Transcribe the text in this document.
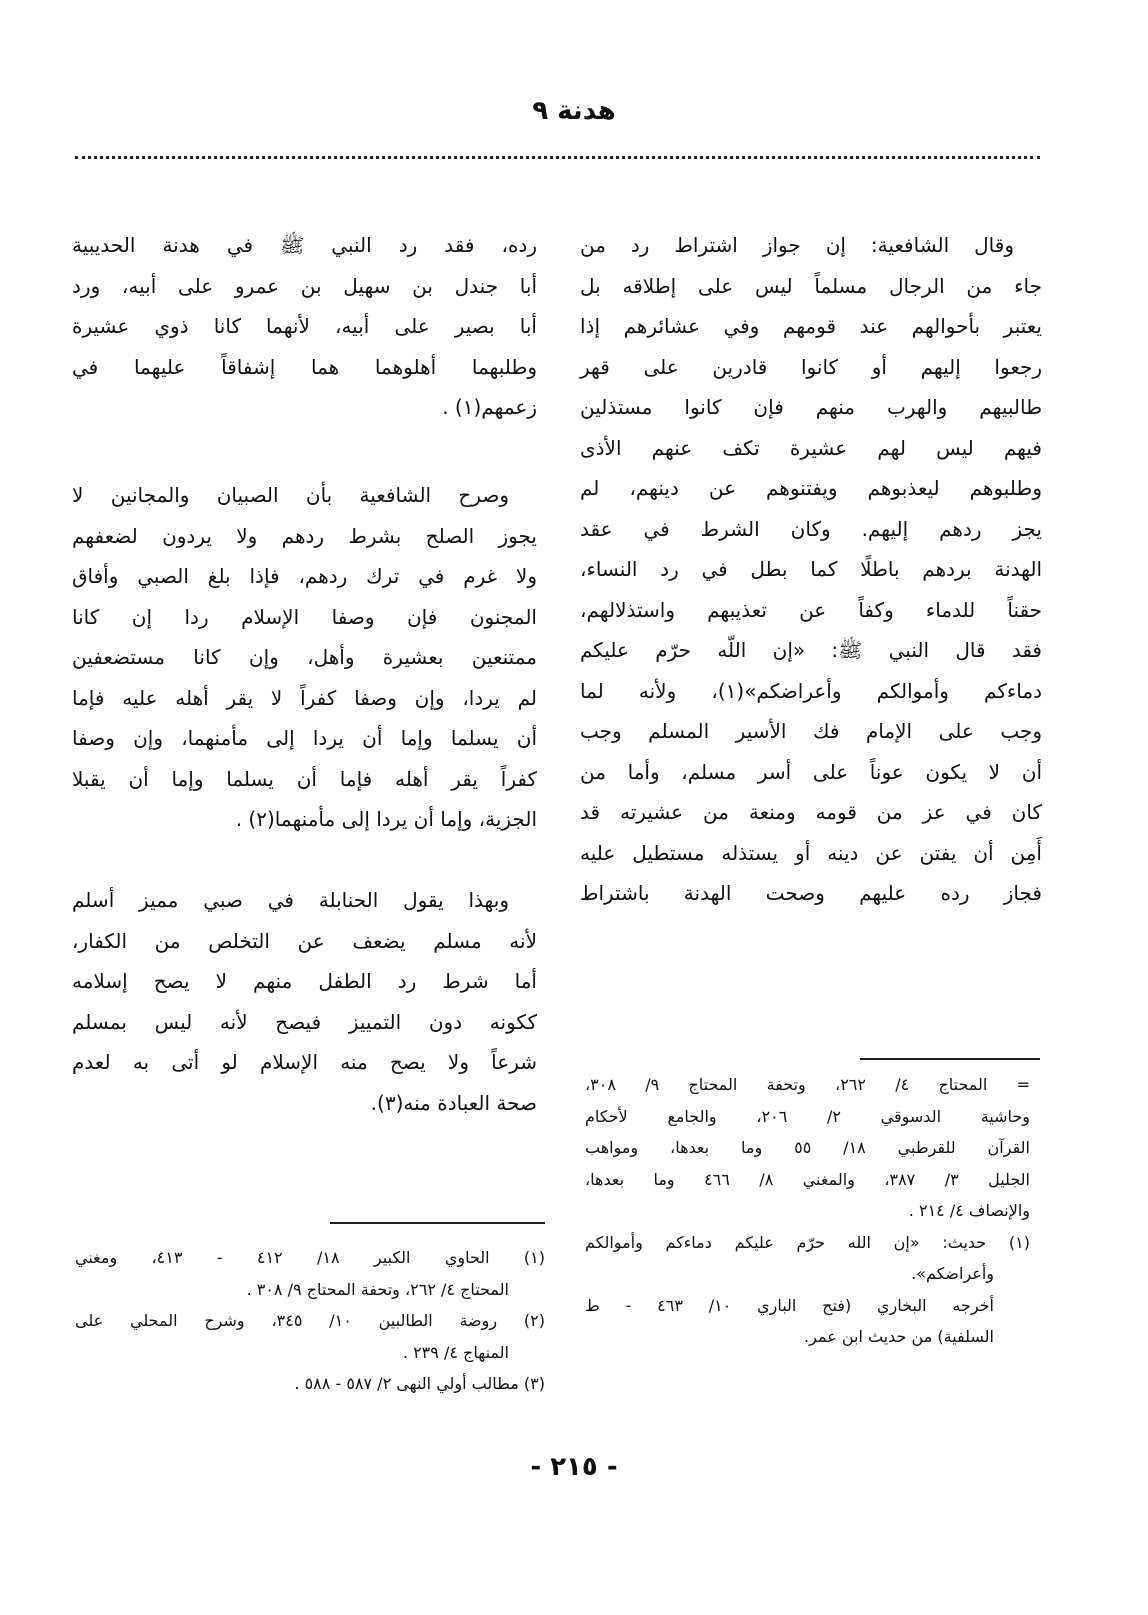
هدنة ٩
وقال الشافعية: إن جواز اشتراط رد من
جاء من الرجال مسلماً ليس على إطلاقه بل
يعتبر بأحوالهم عند قومهم وفي عشائرهم إذا
رجعوا إليهم أو كانوا قادرين على قهر
طالبيهم والهرب منهم فإن كانوا مستذلين
فيهم ليس لهم عشيرة تكف عنهم الأذى
وطلبوهم ليعذبوهم ويفتنوهم عن دينهم، لم
يجز ردهم إليهم. وكان الشرط في عقد
الهدنة بردهم باطلًا كما بطل في رد النساء،
حقناً للدماء وكفاً عن تعذيبهم واستذلالهم،
فقد قال النبي ﷺ: «إن اللّه حرّم عليكم
دماءكم وأموالكم وأعراضكم»(١)، ولأنه لما
وجب على الإمام فك الأسير المسلم وجب
أن لا يكون عوناً على أسر مسلم، وأما من
كان في عز من قومه ومنعة من عشيرته قد
أَمِن أن يفتن عن دينه أو يستذله مستطيل عليه
فجاز رده عليهم وصحت الهدنة باشتراط
= المحتاج ٤/ ٢٦٢، وتحفة المحتاج ٩/ ٣٠٨،
وحاشية الدسوقي ٢/ ٢٠٦، والجامع لأحكام
القرآن للقرطبي ١٨/ ٥٥ وما بعدها، ومواهب
الجليل ٣/ ٣٨٧، والمغني ٨/ ٤٦٦ وما بعدها،
والإنصاف ٤/ ٢١٤ .
(١) حديث: «إن الله حرّم عليكم دماءكم وأموالكم
وأعراضكم».
أخرجه البخاري (فتح الباري ١٠/ ٤٦٣ - ط
السلفية) من حديث ابن عمر.
رده، فقد رد النبي ﷺ في هدنة الحديبية
أبا جندل بن سهيل بن عمرو على أبيه، ورد
أبا بصير على أبيه، لأنهما كانا ذوي عشيرة
وطلبهما أهلوهما هما إشفاقاً عليهما في
زعمهم(١) .
وصرح الشافعية بأن الصبيان والمجانين لا
يجوز الصلح بشرط ردهم ولا يردون لضعفهم
ولا غرم في ترك ردهم، فإذا بلغ الصبي وأفاق
المجنون فإن وصفا الإسلام ردا إن كانا
ممتنعين بعشيرة وأهل، وإن كانا مستضعفين
لم يردا، وإن وصفا كفراً لا يقر أهله عليه فإما
أن يسلما وإما أن يردا إلى مأمنهما، وإن وصفا
كفراً يقر أهله فإما أن يسلما وإما أن يقبلا
الجزية، وإما أن يردا إلى مأمنهما(٢) .
وبهذا يقول الحنابلة في صبي مميز أسلم
لأنه مسلم يضعف عن التخلص من الكفار،
أما شرط رد الطفل منهم لا يصح إسلامه
ككونه دون التمييز فيصح لأنه ليس بمسلم
شرعاً ولا يصح منه الإسلام لو أتى به لعدم
صحة العبادة منه(٣).
(١) الحاوي الكبير ١٨/ ٤١٢ - ٤١٣، ومغني
المحتاج ٤/ ٢٦٢، وتحفة المحتاج ٩/ ٣٠٨ .
(٢) روضة الطالبين ١٠/ ٣٤٥، وشرح المحلي على
المنهاج ٤/ ٢٣٩ .
(٣) مطالب أولي النهى ٢/ ٥٨٧ - ٥٨٨ .
- ٢١٥ -
